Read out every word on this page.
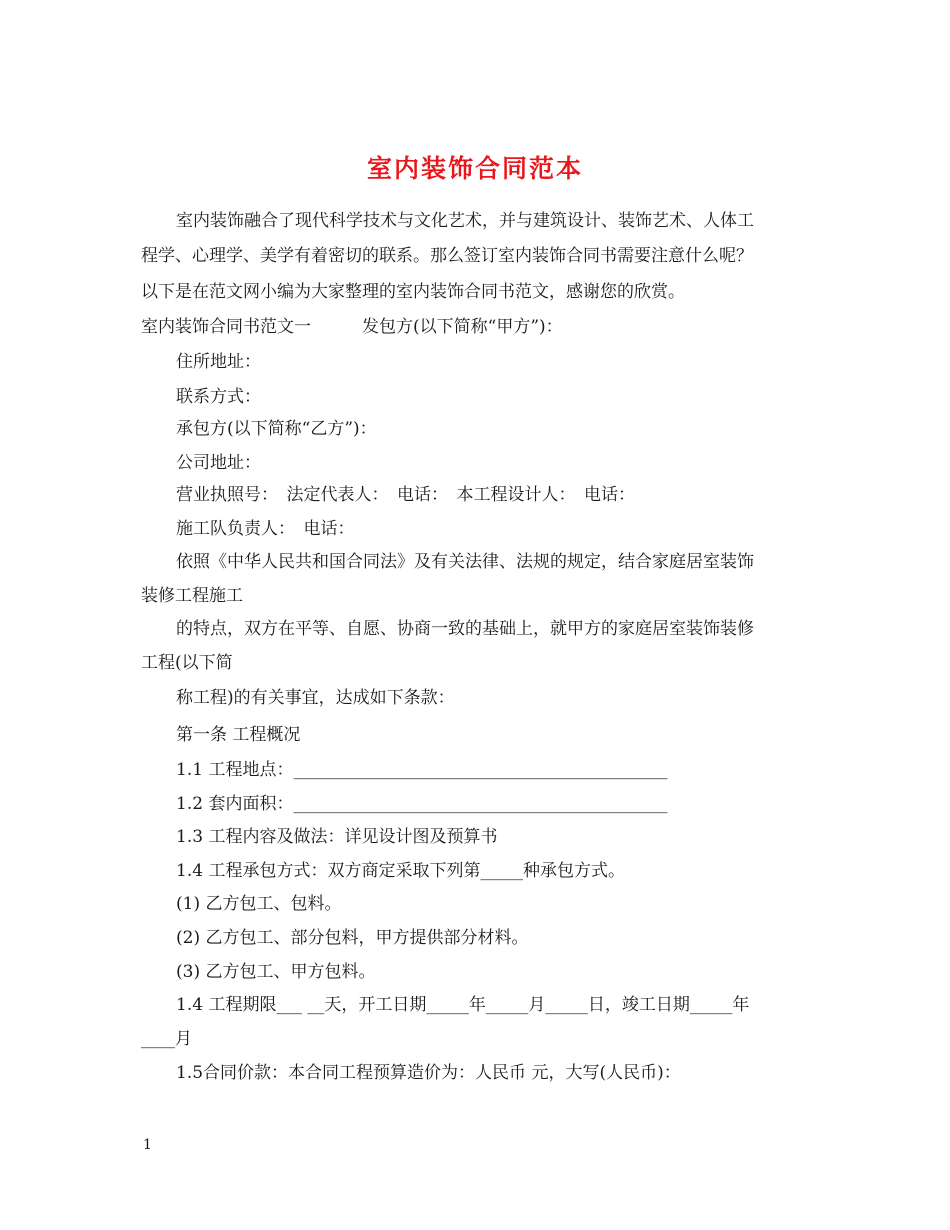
室内装饰合同范本

室内装饰融合了现代科学技术与文化艺术，并与建筑设计、装饰艺术、人体工

程学、心理学、美学有着密切的联系。那么签订室内装饰合同书需要注意什么呢？

以下是在范文网小编为大家整理的室内装饰合同书范文，感谢您的欣赏。

室内装饰合同书范文一　　　发包方(以下简称“甲方”)：

住所地址：

联系方式：

承包方(以下简称“乙方”)：

公司地址：

营业执照号：　法定代表人：　电话：　本工程设计人：　电话：

施工队负责人：　电话：

依照《中华人民共和国合同法》及有关法律、法规的规定，结合家庭居室装饰

装修工程施工

的特点，双方在平等、自愿、协商一致的基础上，就甲方的家庭居室装饰装修

工程(以下简

称工程)的有关事宜，达成如下条款：

第一条 工程概况

1.1 工程地点：____________________________________________

1.2 套内面积：____________________________________________

1.3 工程内容及做法：详见设计图及预算书

1.4 工程承包方式：双方商定采取下列第_____种承包方式。

(1) 乙方包工、包料。

(2) 乙方包工、部分包料，甲方提供部分材料。

(3) 乙方包工、甲方包料。

1.4 工程期限___ __天，开工日期_____年_____月_____日，竣工日期_____年

____月

1.5合同价款：本合同工程预算造价为：人民币 元，大写(人民币)：

1
